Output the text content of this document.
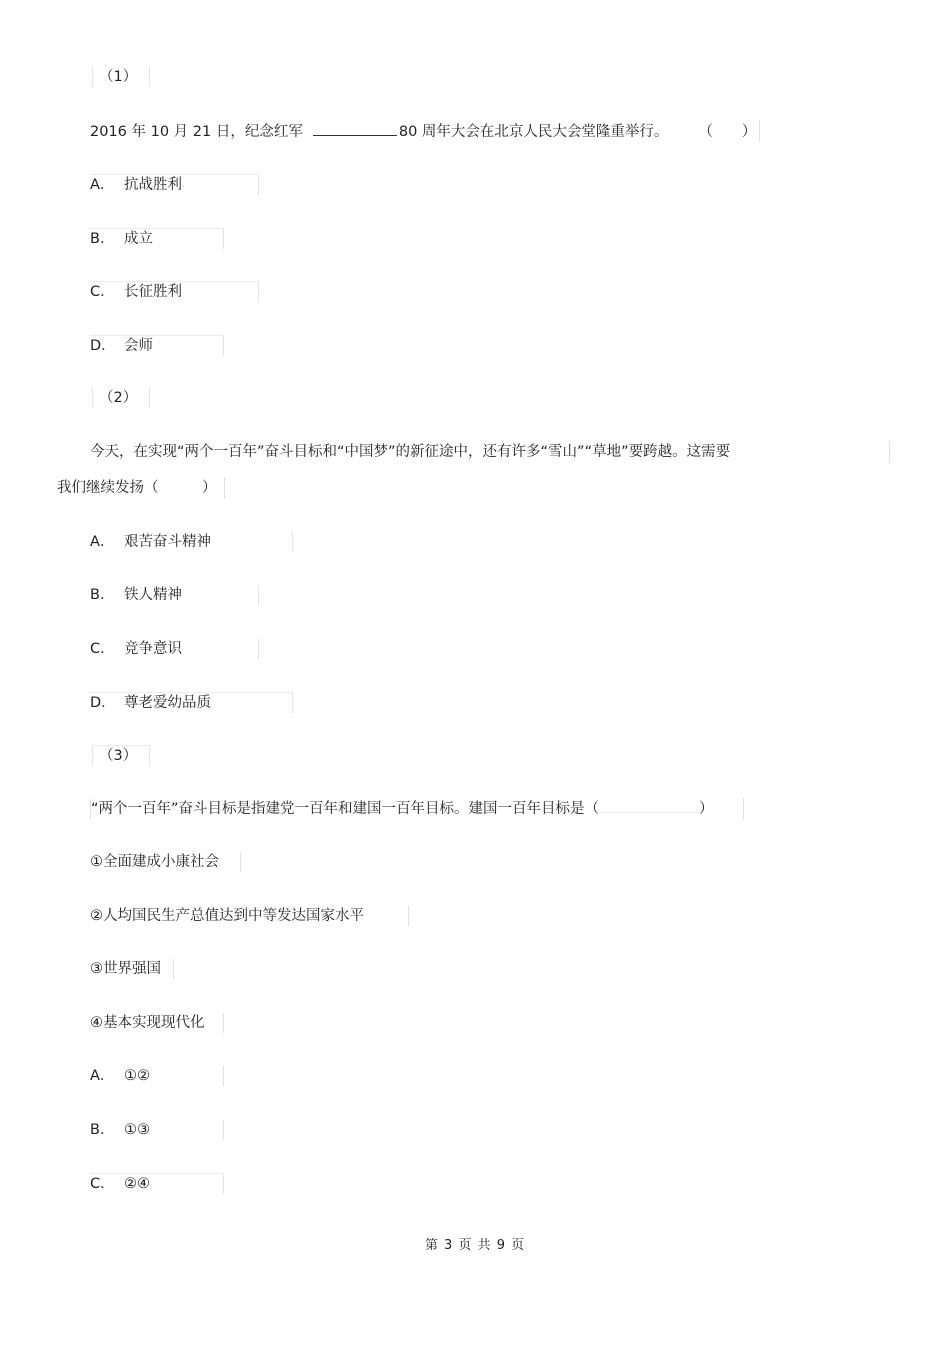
（1）
2016 年 10 月 21 日，纪念红军	80 周年大会在北京人民大会堂隆重举行。 （　　）
A． 抗战胜利
B． 成立
C． 长征胜利
D． 会师
（2）
今天，在实现“两个一百年”奋斗目标和“中国梦”的新征途中，还有许多“雪山”“草地”要跨越。这需要
我们继续发扬（　　　）
A． 艰苦奋斗精神
B． 铁人精神
C． 竞争意识
D． 尊老爱幼品质
（3）
“两个一百年”奋斗目标是指建党一百年和建国一百年目标。建国一百年目标是（	）
①全面建成小康社会
②人均国民生产总值达到中等发达国家水平
③世界强国
④基本实现现代化
A． ①②
B． ①③
C． ②④
第 3 页 共 9 页
